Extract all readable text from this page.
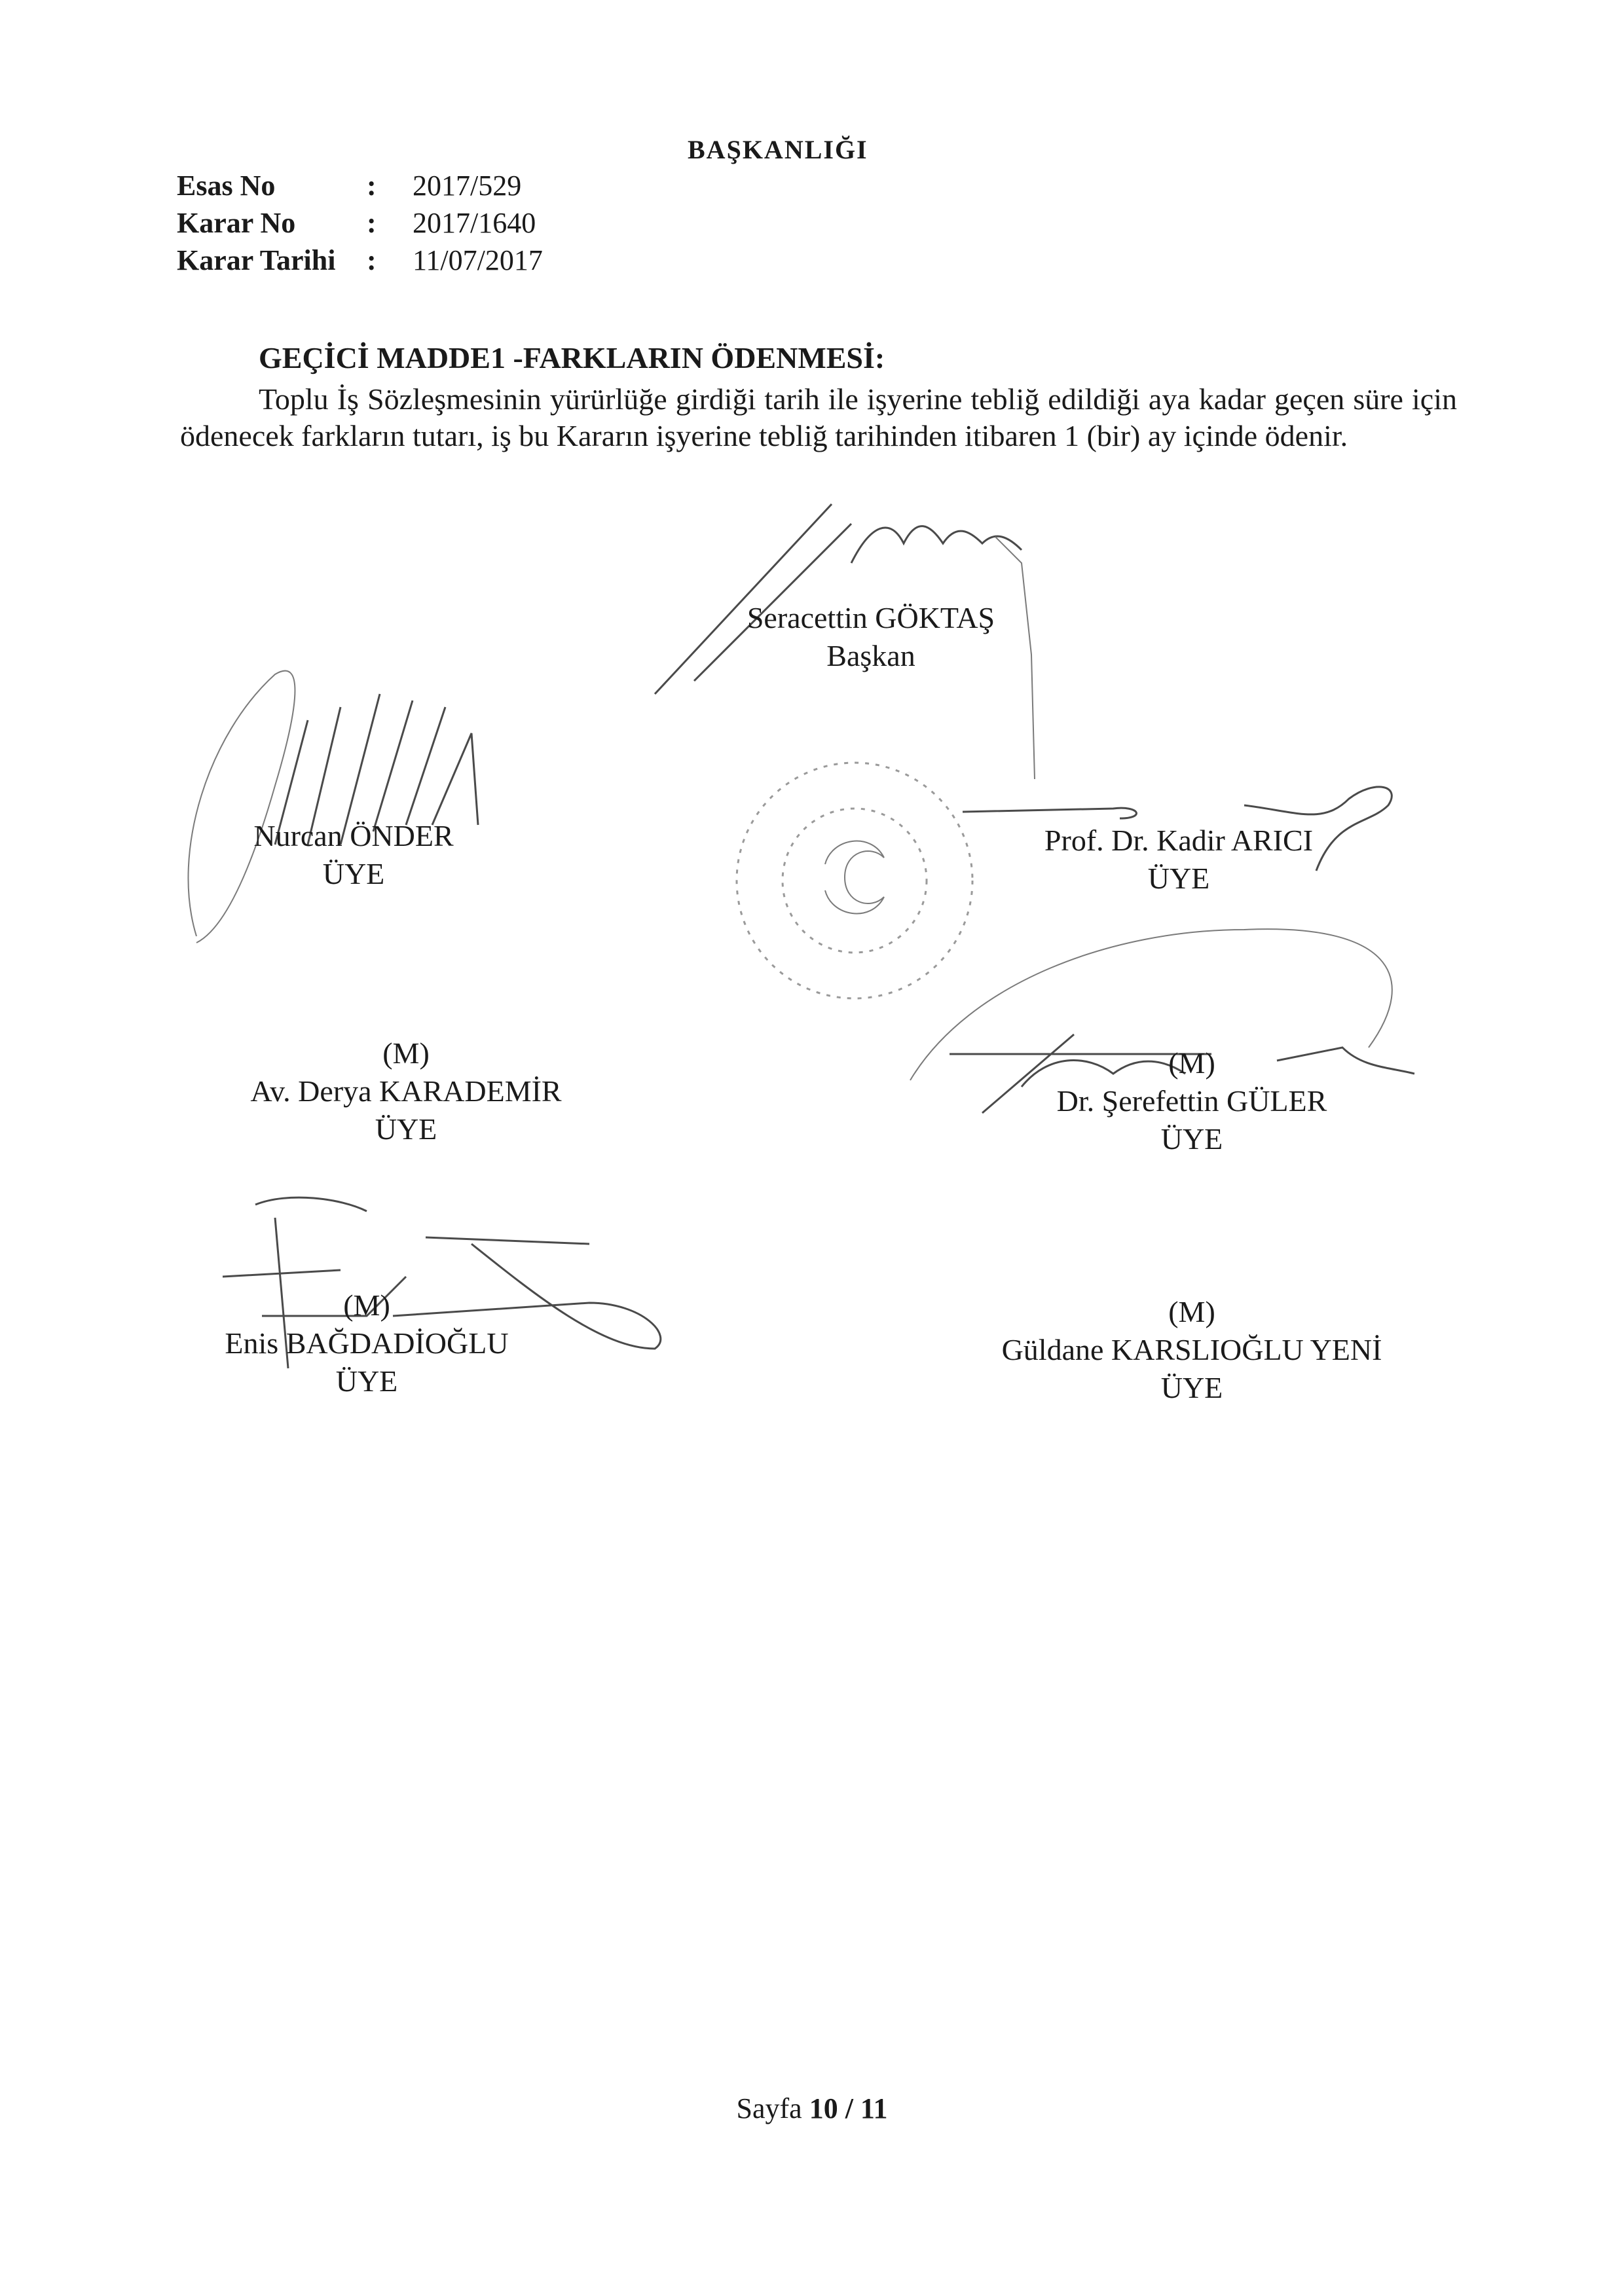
BAŞKANLIĞI
Esas No	:	2017/529
Karar No	:	2017/1640
Karar Tarihi	:	11/07/2017
GEÇİCİ MADDE1 -FARKLARIN ÖDENMESİ:
Toplu İş Sözleşmesinin yürürlüğe girdiği tarih ile işyerine tebliğ edildiği aya kadar geçen süre için ödenecek farkların tutarı, iş bu Kararın işyerine tebliğ tarihinden itibaren 1 (bir) ay içinde ödenir.
Seracettin GÖKTAŞ
Başkan
Nurcan ÖNDER
ÜYE
Prof. Dr. Kadir ARICI
ÜYE
(M)
Av. Derya KARADEMİR
ÜYE
(M)
Dr. Şerefettin GÜLER
ÜYE
(M)
Enis BAĞDADİOĞLU
ÜYE
(M)
Güldane KARSLIOĞLU YENİ
ÜYE
Sayfa 10 / 11
